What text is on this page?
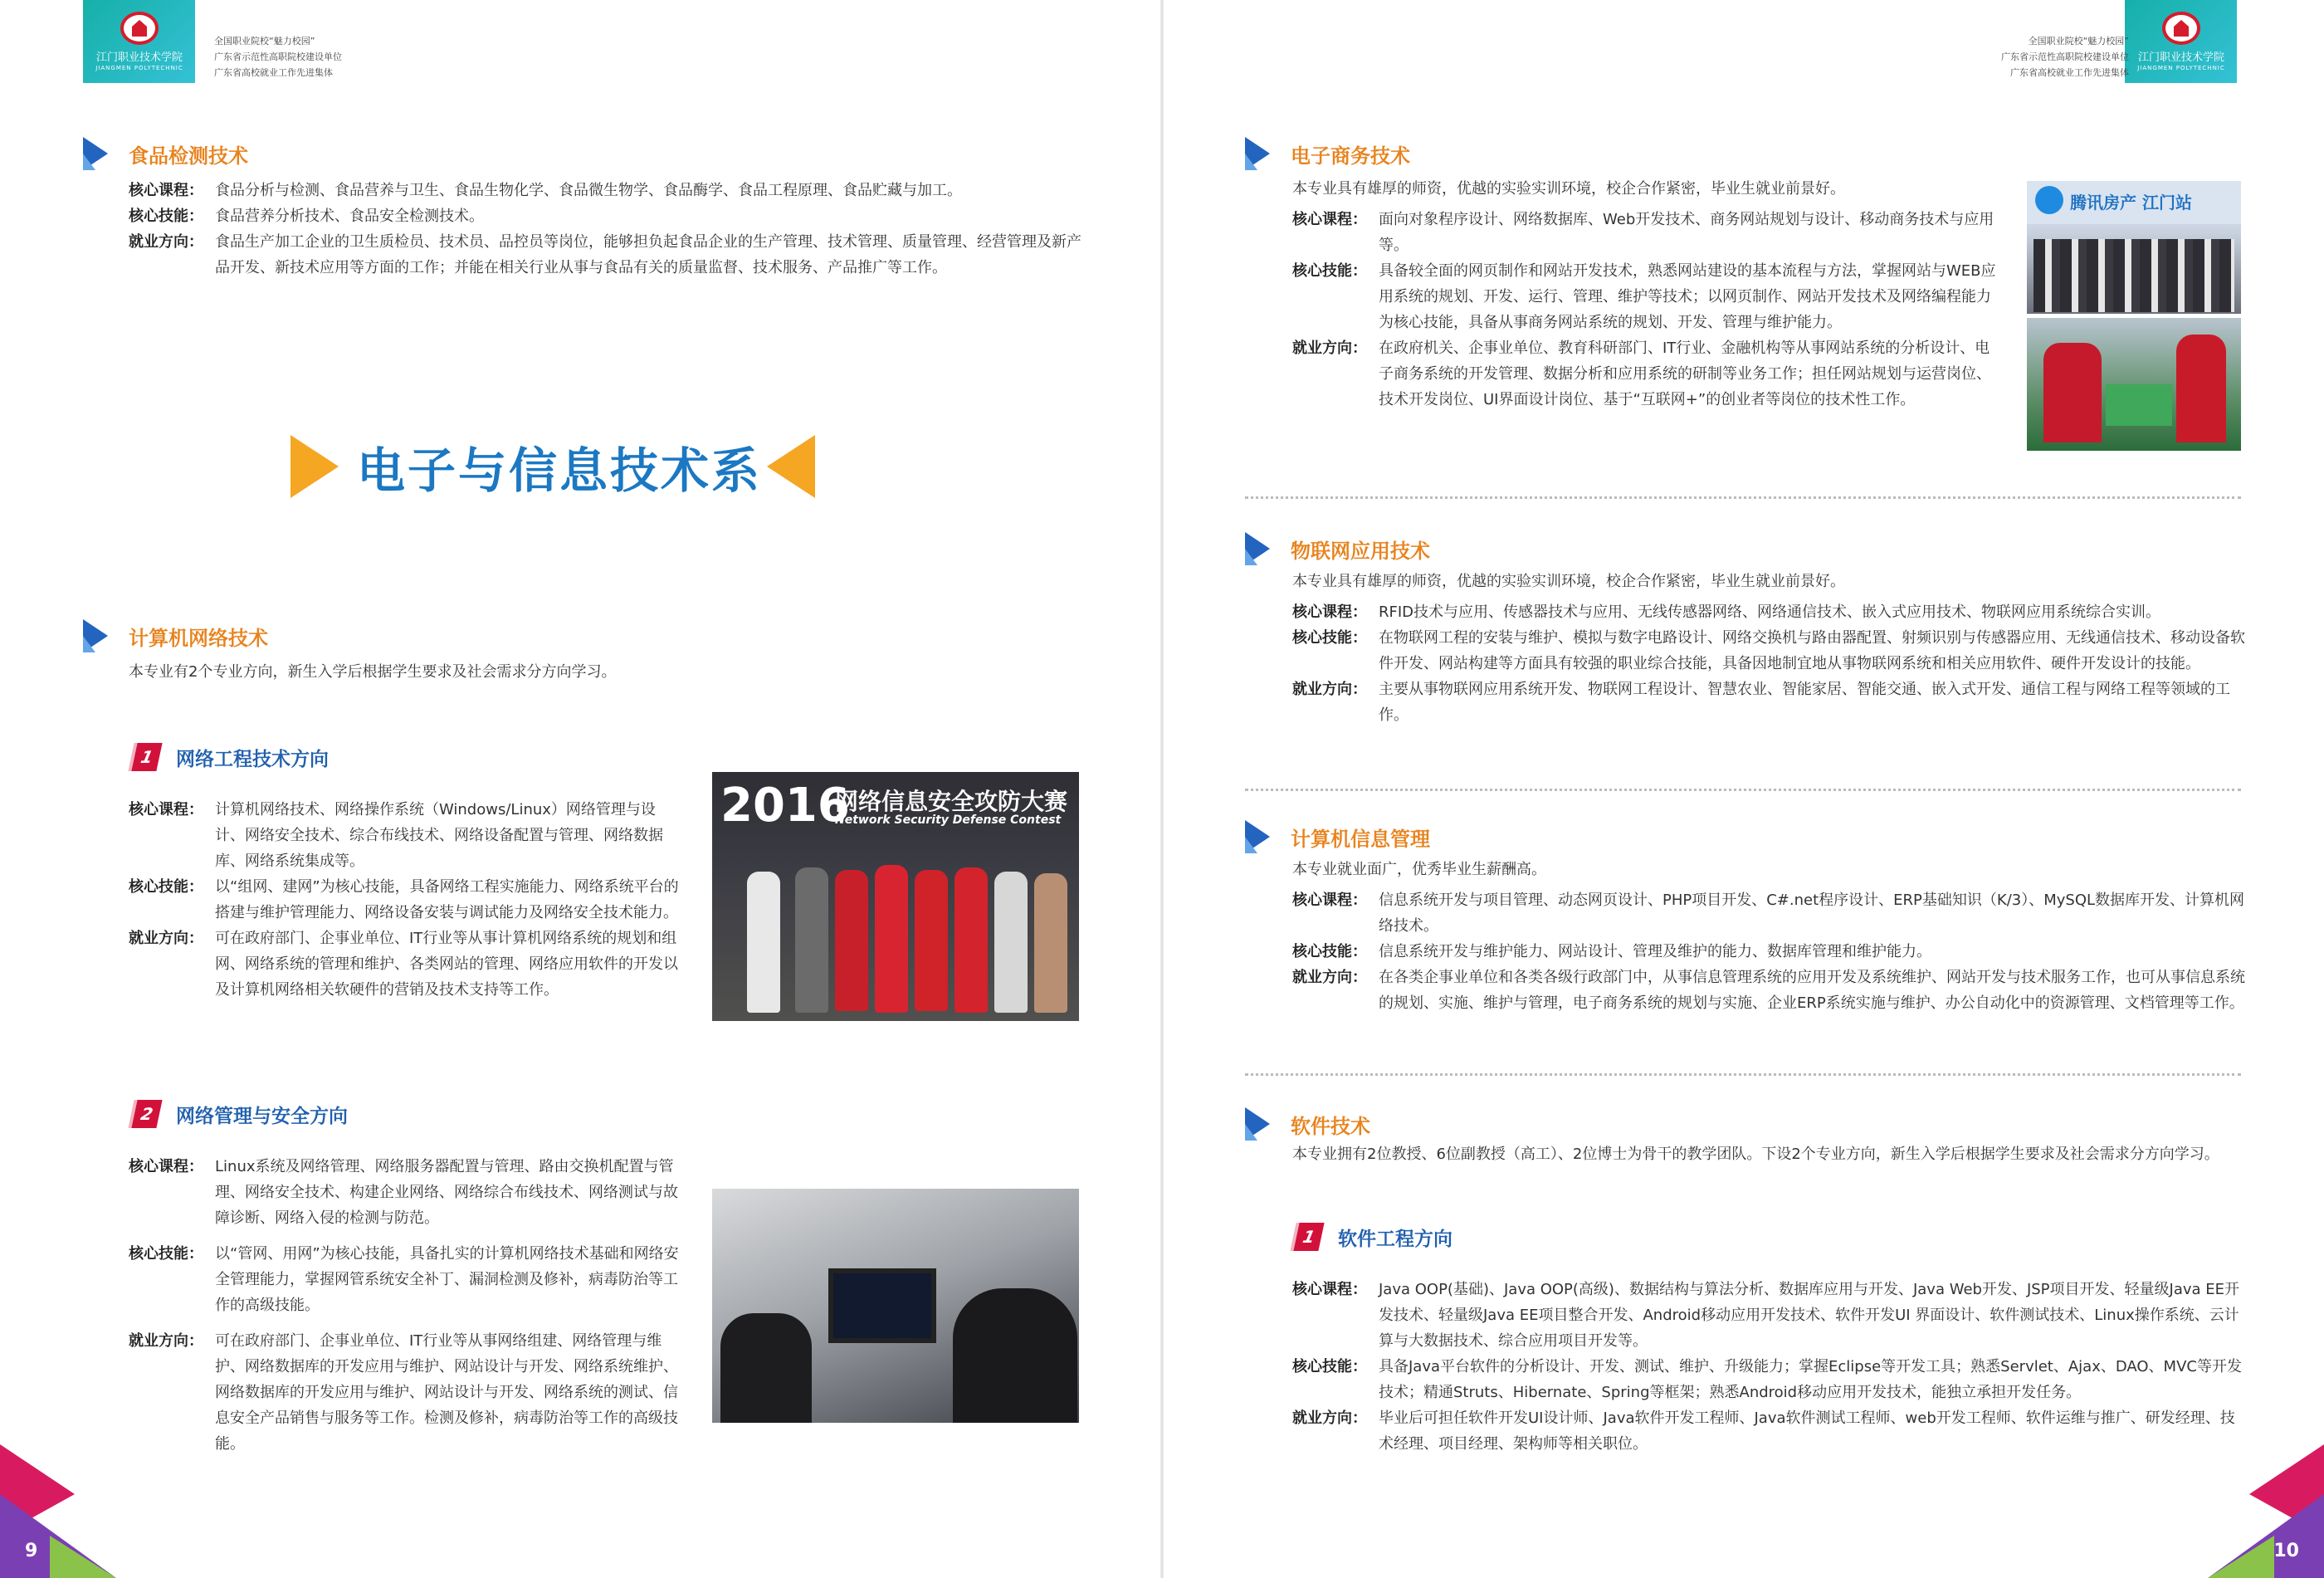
江门职业技术学院
JIANGMEN POLYTECHNIC
全国职业院校“魅力校园”
广东省示范性高职院校建设单位
广东省高校就业工作先进集体
食品检测技术
核心课程： 食品分析与检测、食品营养与卫生、食品生物化学、食品微生物学、食品酶学、食品工程原理、食品贮藏与加工。
核心技能： 食品营养分析技术、食品安全检测技术。
就业方向： 食品生产加工企业的卫生质检员、技术员、品控员等岗位，能够担负起食品企业的生产管理、技术管理、质量管理、经营管理及新产品开发、新技术应用等方面的工作；并能在相关行业从事与食品有关的质量监督、技术服务、产品推广等工作。
电子与信息技术系
计算机网络技术
本专业有2个专业方向，新生入学后根据学生要求及社会需求分方向学习。
1	网络工程技术方向
核心课程： 计算机网络技术、网络操作系统（Windows/Linux）网络管理与设计、网络安全技术、综合布线技术、网络设备配置与管理、网络数据库、网络系统集成等。
核心技能： 以“组网、建网”为核心技能，具备网络工程实施能力、网络系统平台的搭建与维护管理能力、网络设备安装与调试能力及网络安全技术能力。
就业方向： 可在政府部门、企事业单位、IT行业等从事计算机网络系统的规划和组网、网络系统的管理和维护、各类网站的管理、网络应用软件的开发以及计算机网络相关软硬件的营销及技术支持等工作。
2016
网络信息安全攻防大赛
Network Security Defense Contest
2	网络管理与安全方向
核心课程： Linux系统及网络管理、网络服务器配置与管理、路由交换机配置与管理、网络安全技术、构建企业网络、网络综合布线技术、网络测试与故障诊断、网络入侵的检测与防范。
核心技能： 以“管网、用网”为核心技能，具备扎实的计算机网络技术基础和网络安全管理能力，掌握网管系统安全补丁、漏洞检测及修补，病毒防治等工作的高级技能。
就业方向： 可在政府部门、企事业单位、IT行业等从事网络组建、网络管理与维护、网络数据库的开发应用与维护、网站设计与开发、网络系统维护、网络数据库的开发应用与维护、网站设计与开发、网络系统的测试、信息安全产品销售与服务等工作。检测及修补，病毒防治等工作的高级技能。
9
江门职业技术学院
JIANGMEN POLYTECHNIC
全国职业院校“魅力校园”
广东省示范性高职院校建设单位
广东省高校就业工作先进集体
电子商务技术
本专业具有雄厚的师资，优越的实验实训环境，校企合作紧密，毕业生就业前景好。
核心课程： 面向对象程序设计、网络数据库、Web开发技术、商务网站规划与设计、移动商务技术与应用等。
核心技能： 具备较全面的网页制作和网站开发技术，熟悉网站建设的基本流程与方法，掌握网站与WEB应用系统的规划、开发、运行、管理、维护等技术；以网页制作、网站开发技术及网络编程能力为核心技能，具备从事商务网站系统的规划、开发、管理与维护能力。
就业方向： 在政府机关、企事业单位、教育科研部门、IT行业、金融机构等从事网站系统的分析设计、电子商务系统的开发管理、数据分析和应用系统的研制等业务工作；担任网站规划与运营岗位、技术开发岗位、UI界面设计岗位、基于“互联网+”的创业者等岗位的技术性工作。
腾讯房产 江门站
物联网应用技术
本专业具有雄厚的师资，优越的实验实训环境，校企合作紧密，毕业生就业前景好。
核心课程： RFID技术与应用、传感器技术与应用、无线传感器网络、网络通信技术、嵌入式应用技术、物联网应用系统综合实训。
核心技能： 在物联网工程的安装与维护、模拟与数字电路设计、网络交换机与路由器配置、射频识别与传感器应用、无线通信技术、移动设备软件开发、网站构建等方面具有较强的职业综合技能，具备因地制宜地从事物联网系统和相关应用软件、硬件开发设计的技能。
就业方向： 主要从事物联网应用系统开发、物联网工程设计、智慧农业、智能家居、智能交通、嵌入式开发、通信工程与网络工程等领域的工作。
计算机信息管理
本专业就业面广，优秀毕业生薪酬高。
核心课程： 信息系统开发与项目管理、动态网页设计、PHP项目开发、C#.net程序设计、ERP基础知识（K/3）、MySQL数据库开发、计算机网络技术。
核心技能： 信息系统开发与维护能力、网站设计、管理及维护的能力、数据库管理和维护能力。
就业方向： 在各类企事业单位和各类各级行政部门中，从事信息管理系统的应用开发及系统维护、网站开发与技术服务工作，也可从事信息系统的规划、实施、维护与管理，电子商务系统的规划与实施、企业ERP系统实施与维护、办公自动化中的资源管理、文档管理等工作。
软件技术
本专业拥有2位教授、6位副教授（高工）、2位博士为骨干的教学团队。下设2个专业方向，新生入学后根据学生要求及社会需求分方向学习。
1	软件工程方向
核心课程： Java OOP(基础)、Java OOP(高级)、数据结构与算法分析、数据库应用与开发、Java Web开发、JSP项目开发、轻量级Java EE开发技术、轻量级Java EE项目整合开发、Android移动应用开发技术、软件开发UI 界面设计、软件测试技术、Linux操作系统、云计算与大数据技术、综合应用项目开发等。
核心技能： 具备Java平台软件的分析设计、开发、测试、维护、升级能力；掌握Eclipse等开发工具；熟悉Servlet、Ajax、DAO、MVC等开发技术；精通Struts、Hibernate、Spring等框架；熟悉Android移动应用开发技术，能独立承担开发任务。
就业方向： 毕业后可担任软件开发UI设计师、Java软件开发工程师、Java软件测试工程师、web开发工程师、软件运维与推广、研发经理、技术经理、项目经理、架构师等相关职位。
10
